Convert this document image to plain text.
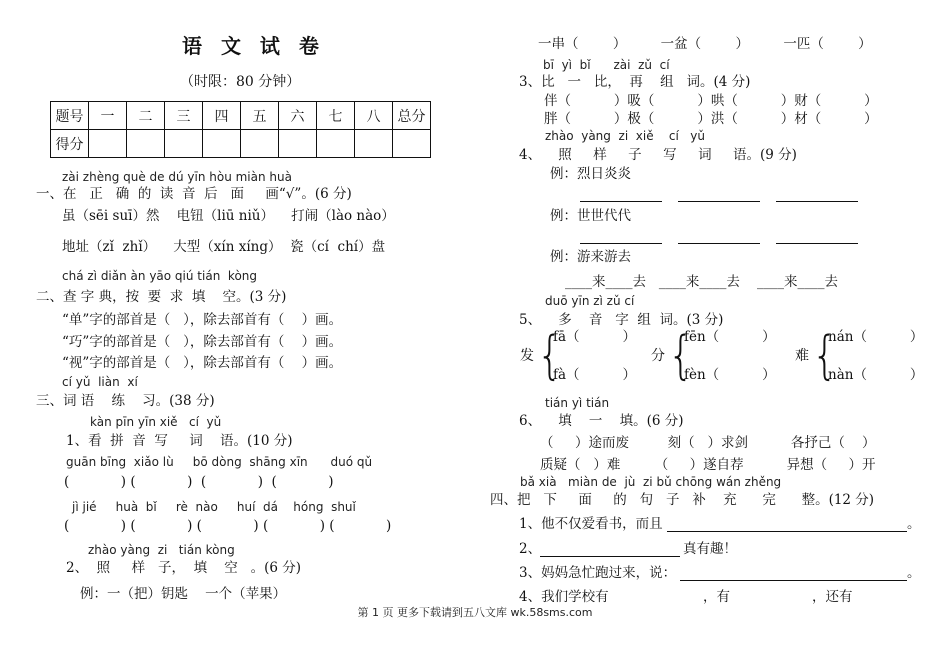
语 文 试 卷
（时限：80 分钟）
题号	一	二	三	四	五	六	七	八	总分
得分									
zài zhèng què de dú yīn hòu miàn huà
一、在   正   确  的  读  音  后   面     画“√”。(6 分)
虽（sēi suī）然    电钮（liū niǔ）    打闹（lào nào）
地址（zǐ  zhǐ）    大型（xín xíng）  瓷（cí  chí）盘
chá zì diǎn àn yāo qiú tián  kòng
二、查 字 典，按  要  求  填    空。(3 分)
“单”字的部首是（   ），除去部首有（    ）画。
“巧”字的部首是（   ），除去部首有（    ）画。
“视”字的部首是（   ），除去部首有（    ）画。
cí yǔ  liàn  xí
三、词 语    练    习。(38 分)
kàn pīn yīn xiě   cí  yǔ
1、看  拼  音  写     词    语。(10 分)
guān bīng  xiǎo lù     bō dòng  shāng xīn      duó qǔ
(            ) (            )  (            )  (            )
jì jié     huà  bǐ     rè  nào     huí  dá    hóng  shuǐ
(            ) (            ) (            ) (            ) (            )
zhào yàng  zi   tián kòng
2、  照     样   子，  填    空   。(6 分)
例：一（把）钥匙    一个（苹果）
一串（        ）        一盆（        ）        一匹（        ）
bī  yì  bǐ      zài  zǔ  cí
3、比   一   比，  再    组   词。(4 分)
伴（          ）吸（          ）哄（          ）财（          ）
胖（          ）极（          ）洪（          ）材（          ）
zhào  yàng  zi  xiě    cí   yǔ
4、    照     样     子     写     词     语。(9 分)
例：烈日炎炎
例：世世代代
例：游来游去
____来____去   ____来____去    ____来____去
duō yīn zì zǔ cí
5、    多    音   字  组  词。(3 分)
发 {
fā（          ）
fà（          ）
分 {
fēn（          ）
fèn（          ）
难 {
nán（          ）
nàn（          ）
tián yì tián
6、    填    一    填。(6 分)
（     ）途而废         刻（   ）求剑          各抒己（    ）
质疑（   ）难        （     ）遂自荐          异想（     ）开
bǎ xià   miàn de  jù  zi bǔ chōng wán zhěng
四、把   下     面     的   句   子   补    充      完      整。(12 分)
1、他不仅爱看书，而且	。
2、	真有趣！
3、妈妈急忙跑过来，说：	。
4、我们学校有	，有	，还有
第 1 页 更多下载请到五八文库 wk.58sms.com
